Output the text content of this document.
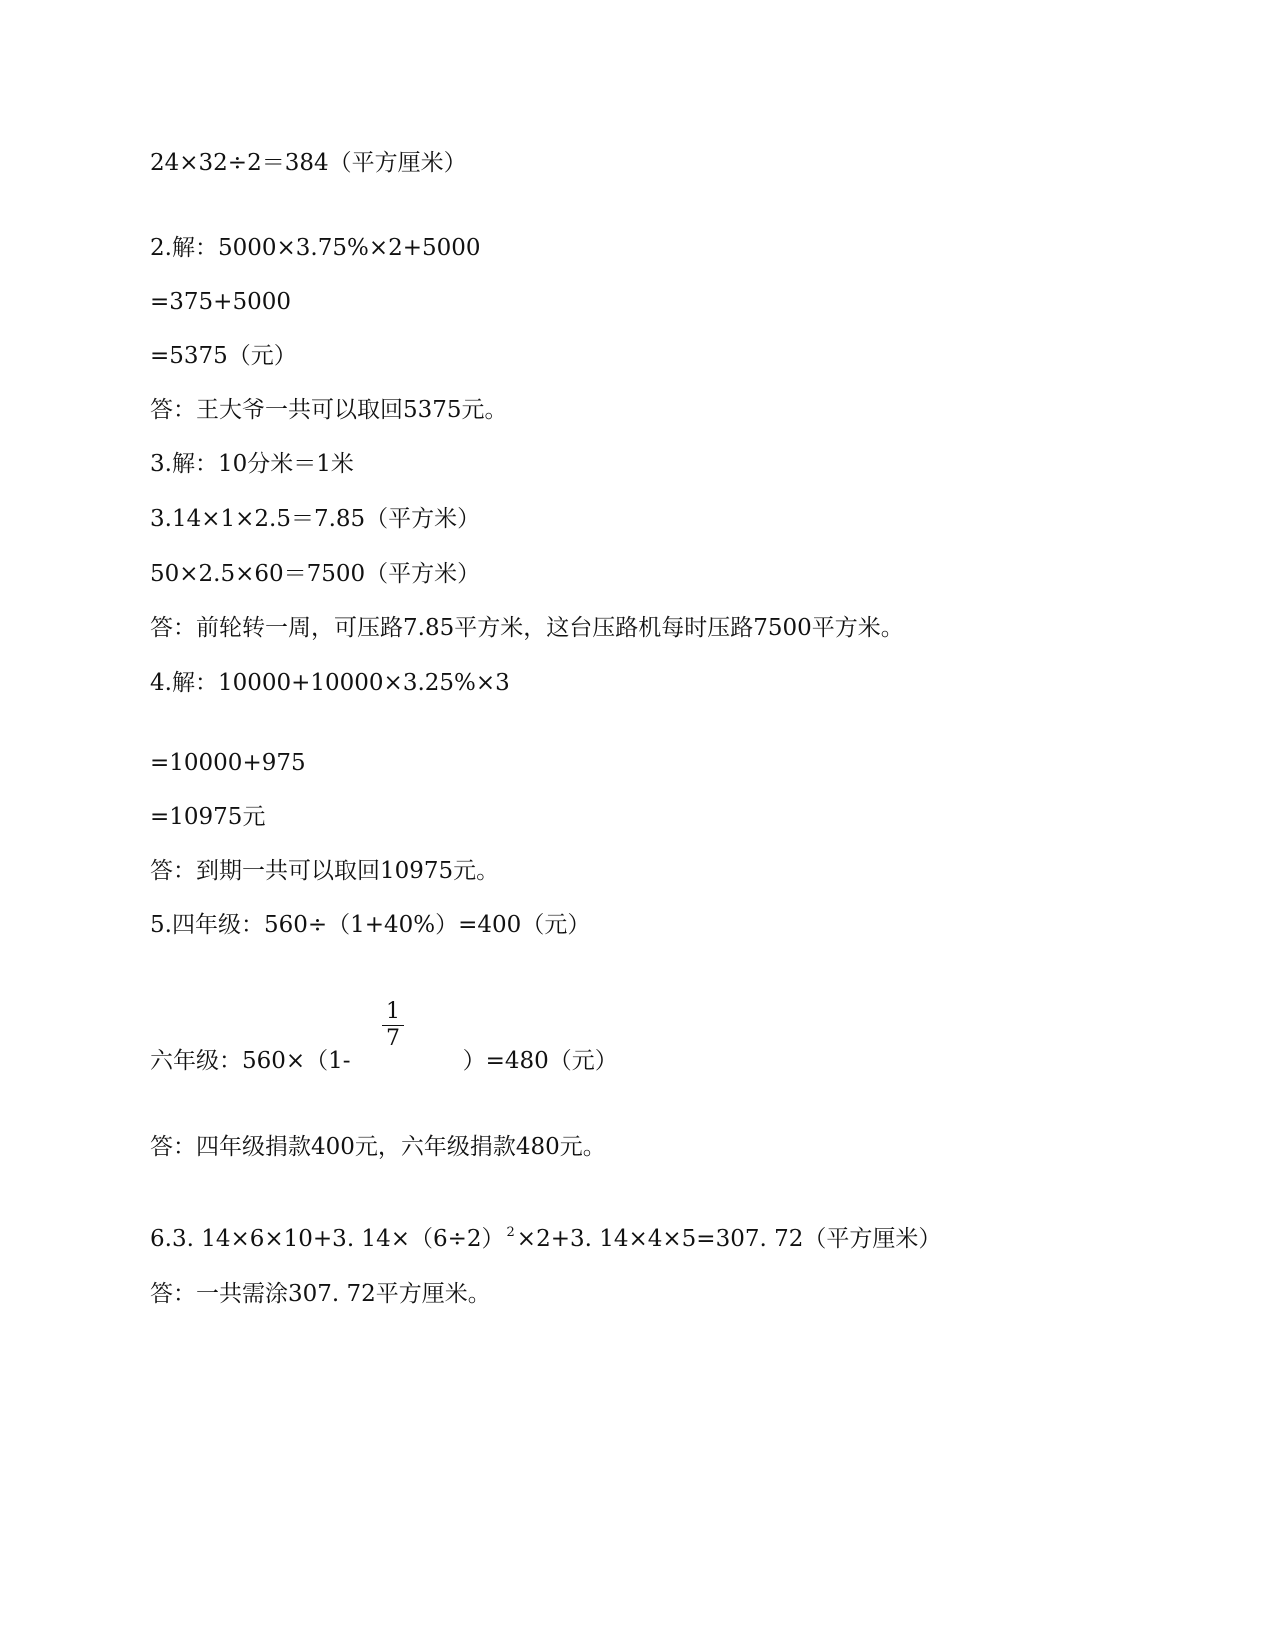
24×32÷2＝384（平方厘米）
2.解：5000×3.75%×2+5000
=375+5000
=5375（元）
答：王大爷一共可以取回5375元。
3.解：10分米＝1米
3.14×1×2.5＝7.85（平方米）
50×2.5×60＝7500（平方米）
答：前轮转一周，可压路7.85平方米，这台压路机每时压路7500平方米。
4.解：10000+10000×3.25%×3
=10000+975
=10975元
答：到期一共可以取回10975元。
5.四年级：560÷（1+40%）=400（元）
六年级：560×（1-	）=480（元）
1
7
答：四年级捐款400元，六年级捐款480元。
6.3. 14×6×10+3. 14×（6÷2） $^2$×2+3. 14×4×5=307. 72（平方厘米）
答：一共需涂307. 72平方厘米。
